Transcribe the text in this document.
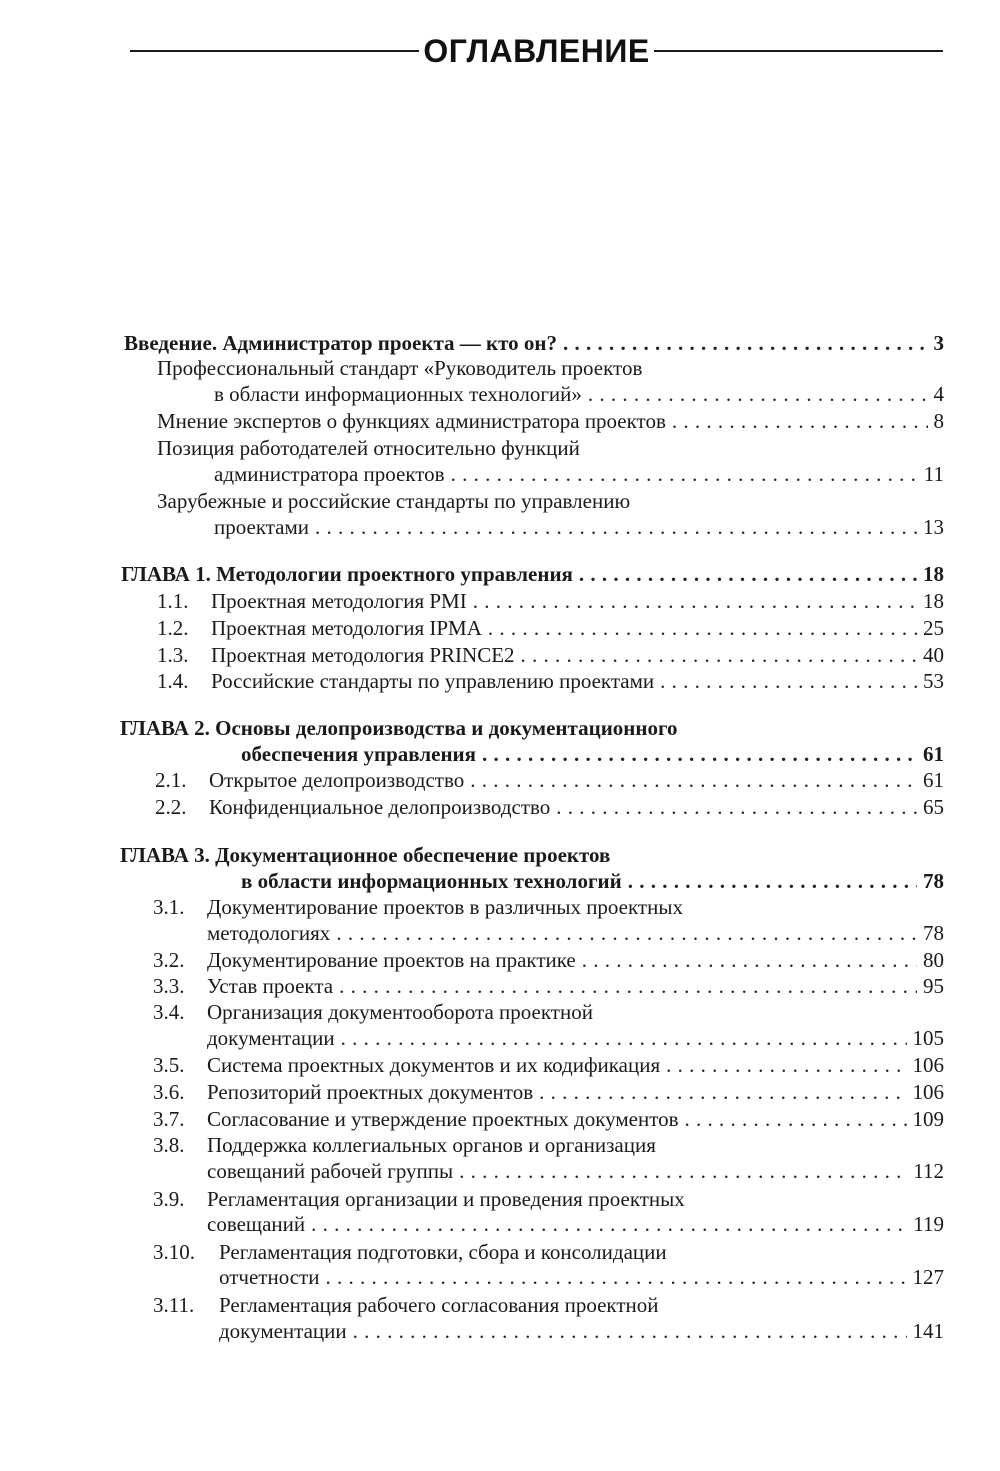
ОГЛАВЛЕНИЕ
Введение. Администратор проекта — кто он? . . .	3
Профессиональный стандарт «Руководитель проектов
в области информационных технологий» . . .	4
Мнение экспертов о функциях администратора проектов . . .	8
Позиция работодателей относительно функций
администратора проектов . . .	11
Зарубежные и российские стандарты по управлению
проектами . . .	13
ГЛАВА 1. Методологии проектного управления . . .	18
1.1.	Проектная методология PMI . . .	18
1.2.	Проектная методология IPMA . . .	25
1.3.	Проектная методология PRINCE2 . . .	40
1.4.	Российские стандарты по управлению проектами . . .	53
ГЛАВА 2. Основы делопроизводства и документационного
обеспечения управления . . .	61
2.1.	Открытое делопроизводство . . .	61
2.2.	Конфиденциальное делопроизводство . . .	65
ГЛАВА 3. Документационное обеспечение проектов
в области информационных технологий . . .	78
3.1.	Документирование проектов в различных проектных
методологиях . . .	78
3.2.	Документирование проектов на практике . . .	80
3.3.	Устав проекта . . .	95
3.4.	Организация документооборота проектной
документации . . .	105
3.5.	Система проектных документов и их кодификация . . .	106
3.6.	Репозиторий проектных документов . . .	106
3.7.	Согласование и утверждение проектных документов . . .	109
3.8.	Поддержка коллегиальных органов и организация
совещаний рабочей группы . . .	112
3.9.	Регламентация организации и проведения проектных
совещаний . . .	119
3.10.	Регламентация подготовки, сбора и консолидации
отчетности . . .	127
3.11.	Регламентация рабочего согласования проектной
документации . . .	141
